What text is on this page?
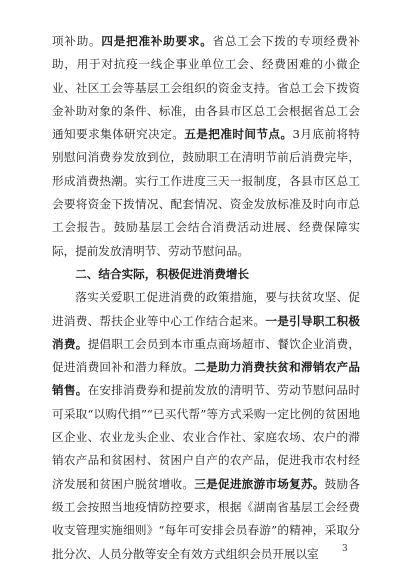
项补助。四是把准补助要求。省总工会下拨的专项经费补助，用于对抗疫一线企事业单位工会、经费困难的小微企业、社区工会等基层工会组织的资金支持。省总工会下拨资金补助对象的条件、标准，由各县市区总工会根据省总工会通知要求集体研究决定。五是把准时间节点。3月底前将特别慰问消费券发放到位，鼓励职工在清明节前后消费完毕，形成消费热潮。实行工作进度三天一报制度，各县市区总工会要将资金下拨情况、配套情况、资金发放标准及时向市总工会报告。鼓励基层工会结合消费活动进展、经费保障实际，提前发放清明节、劳动节慰问品。

二、结合实际，积极促进消费增长

落实关爱职工促进消费的政策措施，要与扶贫攻坚、促进消费、帮扶企业等中心工作结合起来。一是引导职工积极消费。提倡职工会员到本市重点商场超市、餐饮企业消费，促进消费回补和潜力释放。二是助力消费扶贫和滞销农产品销售。在安排消费券和提前发放的清明节、劳动节慰问品时可采取“以购代捐”“已买代帮”等方式采购一定比例的贫困地区企业、农业龙头企业、农业合作社、家庭农场、农户的滞销农产品和贫困村、贫困户自产的农产品，促进我市农村经济发展和贫困户脱贫增收。三是促进旅游市场复苏。鼓励各级工会按照当地疫情防控要求，根据《湖南省基层工会经费收支管理实施细则》“每年可安排会员春游”的精神，采取分批分次、人员分散等安全有效方式组织会员开展以室	3
